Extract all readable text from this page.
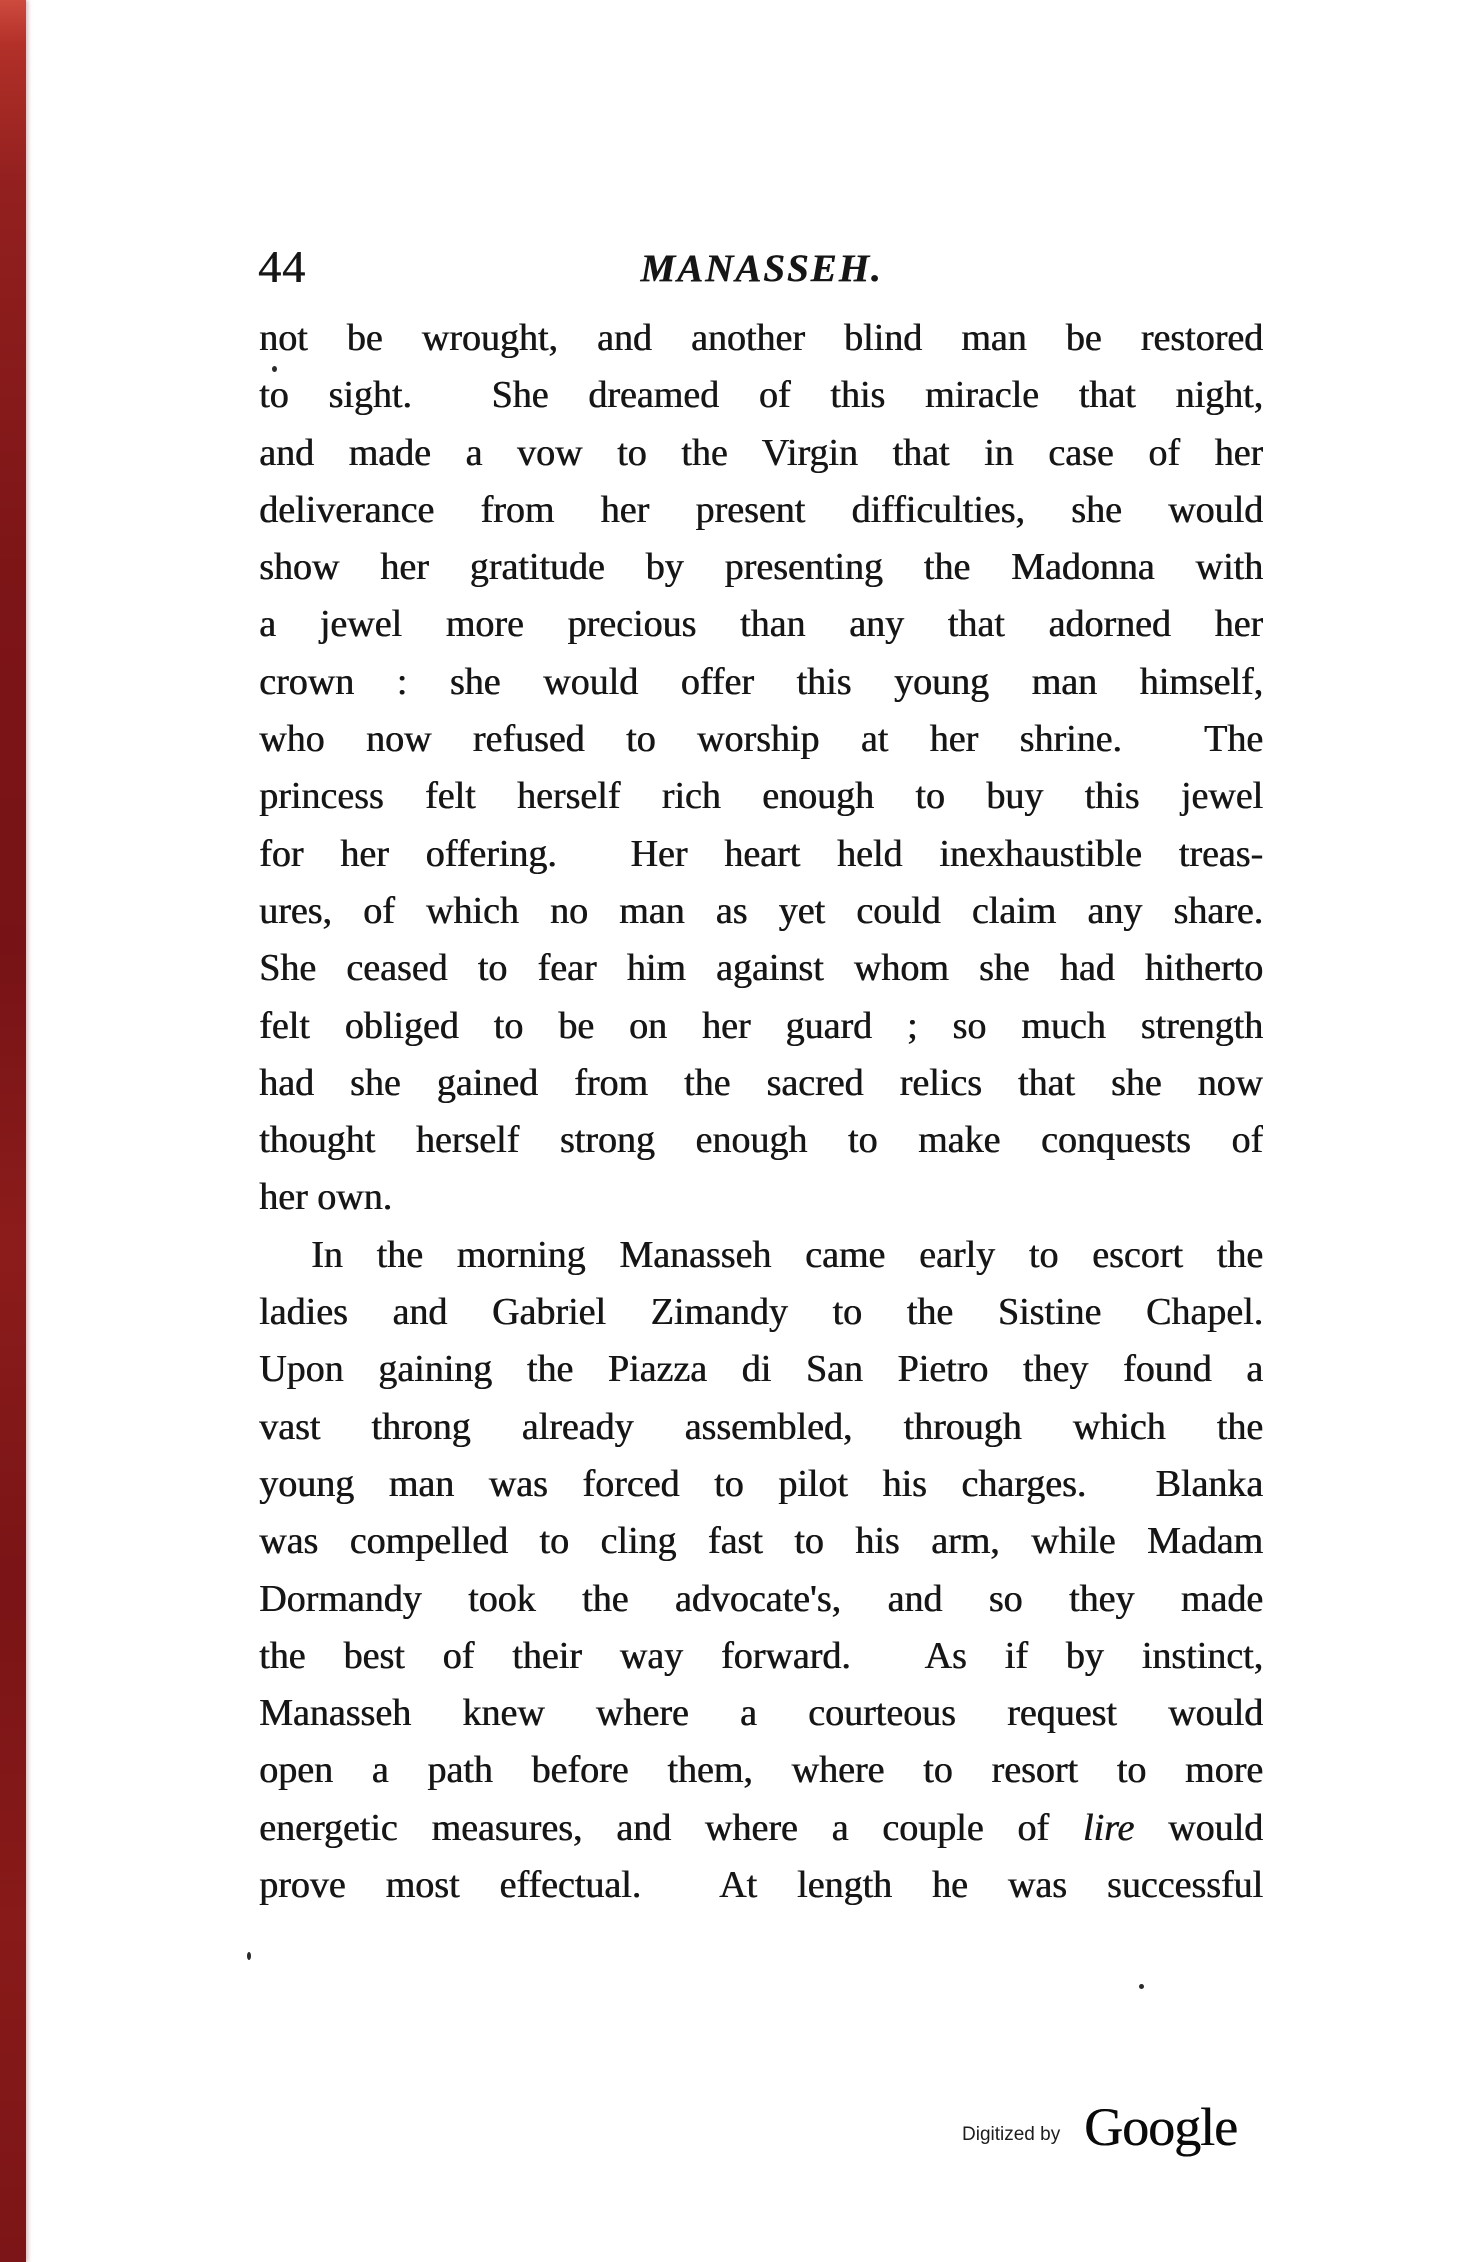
44	MANASSEH.
not be wrought, and another blind man be restored
to sight.  She dreamed of this miracle that night,
and made a vow to the Virgin that in case of her
deliverance from her present difficulties, she would
show her gratitude by presenting the Madonna with
a jewel more precious than any that adorned her
crown : she would offer this young man himself,
who now refused to worship at her shrine.  The
princess felt herself rich enough to buy this jewel
for her offering.  Her heart held inexhaustible treas-
ures, of which no man as yet could claim any share.
She ceased to fear him against whom she had hitherto
felt obliged to be on her guard ; so much strength
had she gained from the sacred relics that she now
thought herself strong enough to make conquests of
her own.
In the morning Manasseh came early to escort the
ladies and Gabriel Zimandy to the Sistine Chapel.
Upon gaining the Piazza di San Pietro they found a
vast throng already assembled, through which the
young man was forced to pilot his charges.  Blanka
was compelled to cling fast to his arm, while Madam
Dormandy took the advocate's, and so they made
the best of their way forward.  As if by instinct,
Manasseh knew where a courteous request would
open a path before them, where to resort to more
energetic measures, and where a couple of lire would
prove most effectual.  At length he was successful
Digitized by Google
